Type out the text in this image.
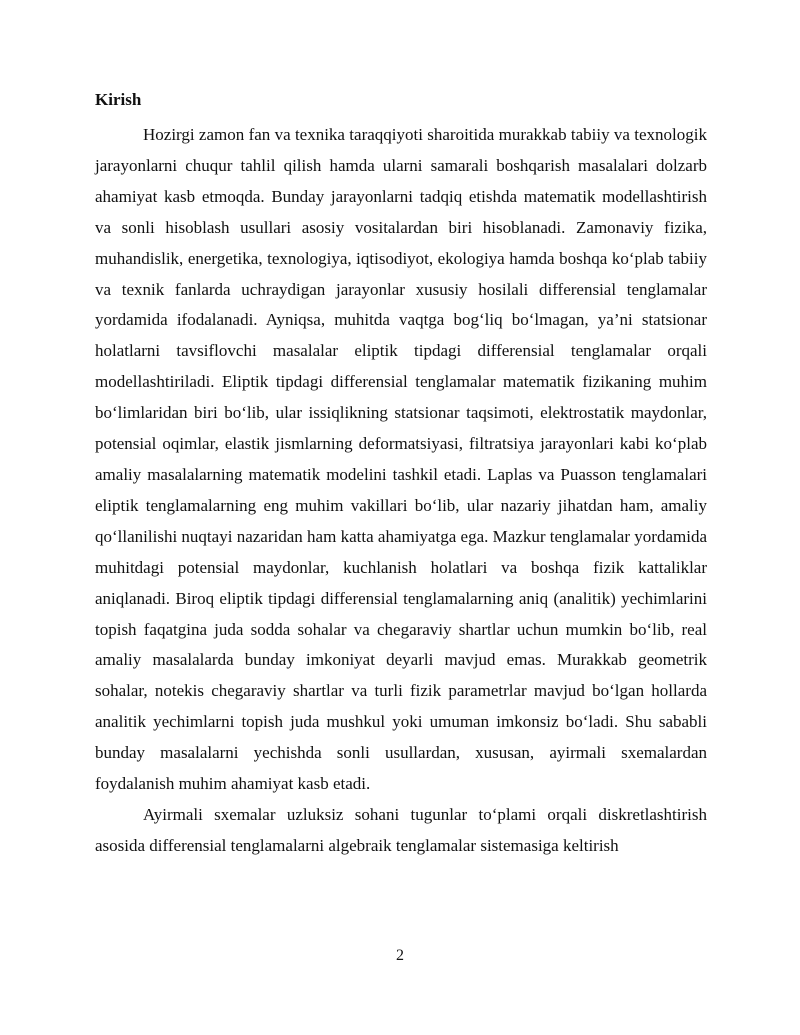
Kirish

Hozirgi zamon fan va texnika taraqqiyoti sharoitida murakkab tabiiy va texnologik jarayonlarni chuqur tahlil qilish hamda ularni samarali boshqarish masalalari dolzarb ahamiyat kasb etmoqda. Bunday jarayonlarni tadqiq etishda matematik modellashtirish va sonli hisoblash usullari asosiy vositalardan biri hisoblanadi. Zamonaviy fizika, muhandislik, energetika, texnologiya, iqtisodiyot, ekologiya hamda boshqa ko‘plab tabiiy va texnik fanlarda uchraydigan jarayonlar xususiy hosilali differensial tenglamalar yordamida ifodalanadi. Ayniqsa, muhitda vaqtga bog‘liq bo‘lmagan, ya’ni statsionar holatlarni tavsiflovchi masalalar eliptik tipdagi differensial tenglamalar orqali modellashtiriladi. Eliptik tipdagi differensial tenglamalar matematik fizikaning muhim bo‘limlaridan biri bo‘lib, ular issiqlikning statsionar taqsimoti, elektrostatik maydonlar, potensial oqimlar, elastik jismlarning deformatsiyasi, filtratsiya jarayonlari kabi ko‘plab amaliy masalalarning matematik modelini tashkil etadi. Laplas va Puasson tenglamalari eliptik tenglamalarning eng muhim vakillari bo‘lib, ular nazariy jihatdan ham, amaliy qo‘llanilishi nuqtayi nazaridan ham katta ahamiyatga ega. Mazkur tenglamalar yordamida muhitdagi potensial maydonlar, kuchlanish holatlari va boshqa fizik kattaliklar aniqlanadi. Biroq eliptik tipdagi differensial tenglamalarning aniq (analitik) yechimlarini topish faqatgina juda sodda sohalar va chegaraviy shartlar uchun mumkin bo‘lib, real amaliy masalalarda bunday imkoniyat deyarli mavjud emas. Murakkab geometrik sohalar, notekis chegaraviy shartlar va turli fizik parametrlar mavjud bo‘lgan hollarda analitik yechimlarni topish juda mushkul yoki umuman imkonsiz bo‘ladi. Shu sababli bunday masalalarni yechishda sonli usullardan, xususan, ayirmali sxemalardan foydalanish muhim ahamiyat kasb etadi.

Ayirmali sxemalar uzluksiz sohani tugunlar to‘plami orqali diskretlashtirish asosida differensial tenglamalarni algebraik tenglamalar sistemasiga keltirish

2
